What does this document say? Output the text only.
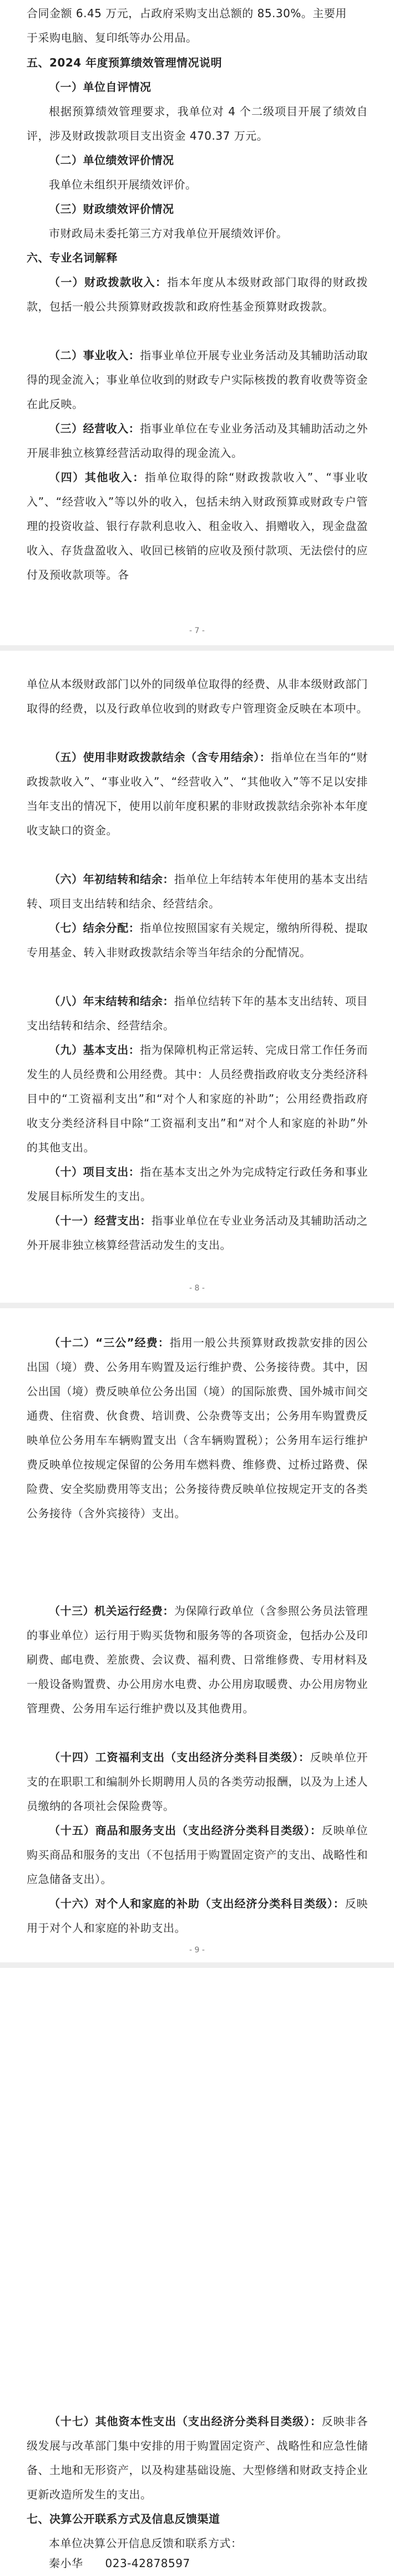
合同金额 6.45 万元，占政府采购支出总额的 85.30%。主要用
于采购电脑、复印纸等办公用品。

五、2024 年度预算绩效管理情况说明

（一）单位自评情况

根据预算绩效管理要求，我单位对 4 个二级项目开展了绩效自评，涉及财政拨款项目支出资金 470.37 万元。

（二）单位绩效评价情况

我单位未组织开展绩效评价。

（三）财政绩效评价情况

市财政局未委托第三方对我单位开展绩效评价。

六、专业名词解释

（一）财政拨款收入：指本年度从本级财政部门取得的财政拨款，包括一般公共预算财政拨款和政府性基金预算财政拨款。

（二）事业收入：指事业单位开展专业业务活动及其辅助活动取得的现金流入；事业单位收到的财政专户实际核拨的教育收费等资金在此反映。

（三）经营收入：指事业单位在专业业务活动及其辅助活动之外开展非独立核算经营活动取得的现金流入。

（四）其他收入：指单位取得的除“财政拨款收入”、“事业收入”、“经营收入”等以外的收入，包括未纳入财政预算或财政专户管理的投资收益、银行存款利息收入、租金收入、捐赠收入，现金盘盈收入、存货盘盈收入、收回已核销的应收及预付款项、无法偿付的应付及预收款项等。各

- 7 -

单位从本级财政部门以外的同级单位取得的经费、从非本级财政部门取得的经费，以及行政单位收到的财政专户管理资金反映在本项中。

（五）使用非财政拨款结余（含专用结余）：指单位在当年的“财政拨款收入”、“事业收入”、“经营收入”、“其他收入”等不足以安排当年支出的情况下，使用以前年度积累的非财政拨款结余弥补本年度收支缺口的资金。

（六）年初结转和结余：指单位上年结转本年使用的基本支出结转、项目支出结转和结余、经营结余。

（七）结余分配：指单位按照国家有关规定，缴纳所得税、提取专用基金、转入非财政拨款结余等当年结余的分配情况。

（八）年末结转和结余：指单位结转下年的基本支出结转、项目支出结转和结余、经营结余。

（九）基本支出：指为保障机构正常运转、完成日常工作任务而发生的人员经费和公用经费。其中：人员经费指政府收支分类经济科目中的“工资福利支出”和“对个人和家庭的补助”；公用经费指政府收支分类经济科目中除“工资福利支出”和“对个人和家庭的补助”外的其他支出。

（十）项目支出：指在基本支出之外为完成特定行政任务和事业发展目标所发生的支出。

（十一）经营支出：指事业单位在专业业务活动及其辅助活动之外开展非独立核算经营活动发生的支出。

- 8 -

（十二）“三公”经费：指用一般公共预算财政拨款安排的因公出国（境）费、公务用车购置及运行维护费、公务接待费。其中，因公出国（境）费反映单位公务出国（境）的国际旅费、国外城市间交通费、住宿费、伙食费、培训费、公杂费等支出；公务用车购置费反映单位公务用车车辆购置支出（含车辆购置税）；公务用车运行维护费反映单位按规定保留的公务用车燃料费、维修费、过桥过路费、保险费、安全奖励费用等支出；公务接待费反映单位按规定开支的各类公务接待（含外宾接待）支出。

（十三）机关运行经费：为保障行政单位（含参照公务员法管理的事业单位）运行用于购买货物和服务等的各项资金，包括办公及印刷费、邮电费、差旅费、会议费、福利费、日常维修费、专用材料及一般设备购置费、办公用房水电费、办公用房取暖费、办公用房物业管理费、公务用车运行维护费以及其他费用。

（十四）工资福利支出（支出经济分类科目类级）：反映单位开支的在职职工和编制外长期聘用人员的各类劳动报酬，以及为上述人员缴纳的各项社会保险费等。

（十五）商品和服务支出（支出经济分类科目类级）：反映单位购买商品和服务的支出（不包括用于购置固定资产的支出、战略性和应急储备支出）。

（十六）对个人和家庭的补助（支出经济分类科目类级）：反映用于对个人和家庭的补助支出。

- 9 -

（十七）其他资本性支出（支出经济分类科目类级）：反映非各级发展与改革部门集中安排的用于购置固定资产、战略性和应急性储备、土地和无形资产，以及构建基础设施、大型修缮和财政支持企业更新改造所发生的支出。

七、决算公开联系方式及信息反馈渠道

本单位决算公开信息反馈和联系方式：

秦小华 023-42878597
